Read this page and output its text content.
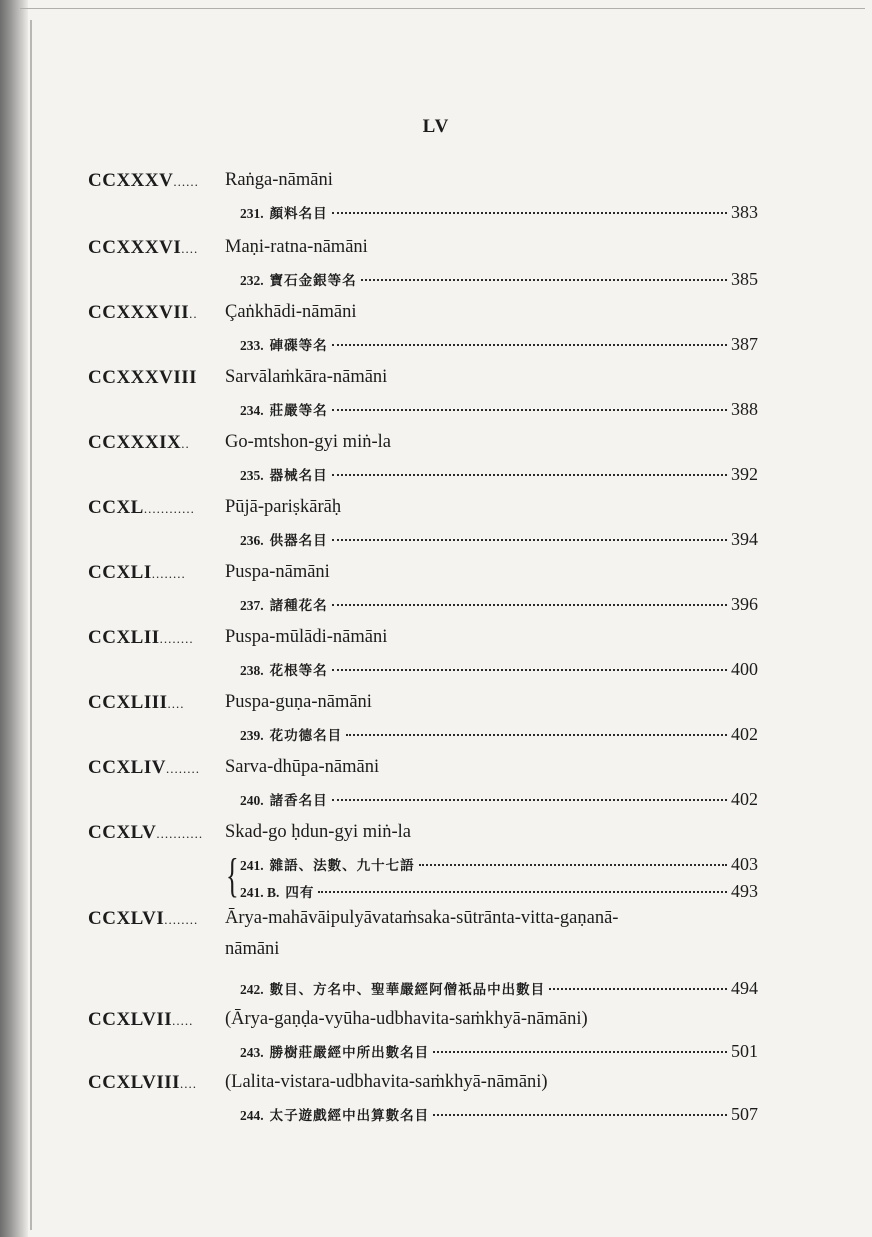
LV
CCXXXV...... Raṅga-nāmāni
231. 顏料名目	383
CCXXXVI.... Maṇi-ratna-nāmāni
232. 寶石金銀等名	385
CCXXXVII.. Çaṅkhādi-nāmāni
233. 硨磲等名	387
CCXXXVIII Sarvālaṁkāra-nāmāni
234. 莊嚴等名	388
CCXXXIX.. Go-mtshon-gyi miṅ-la
235. 器械名目	392
CCXL............ Pūjā-pariṣkārāḥ
236. 供器名目	394
CCXLI........ Puspa-nāmāni
237. 諸種花名	396
CCXLII........ Puspa-mūlādi-nāmāni
238. 花根等名	400
CCXLIII.... Puspa-guṇa-nāmāni
239. 花功德名目	402
CCXLIV........ Sarva-dhūpa-nāmāni
240. 諸香名目	402
CCXLV........... Skad-go ḥdun-gyi miṅ-la
241. 雜語、法數、九十七語	403
241. B. 四有	493
CCXLVI........ Ārya-mahāvāipulyāvataṁsaka-sūtrānta-vitta-gaṇanā-
nāmāni
242. 數目、方名中、聖華嚴經阿僧祇品中出數目	494
CCXLVII..... (Ārya-gaṇḍa-vyūha-udbhavita-saṁkhyā-nāmāni)
243. 勝樹莊嚴經中所出數名目	501
CCXLVIII.... (Lalita-vistara-udbhavita-saṁkhyā-nāmāni)
244. 太子遊戲經中出算數名目	507
{
